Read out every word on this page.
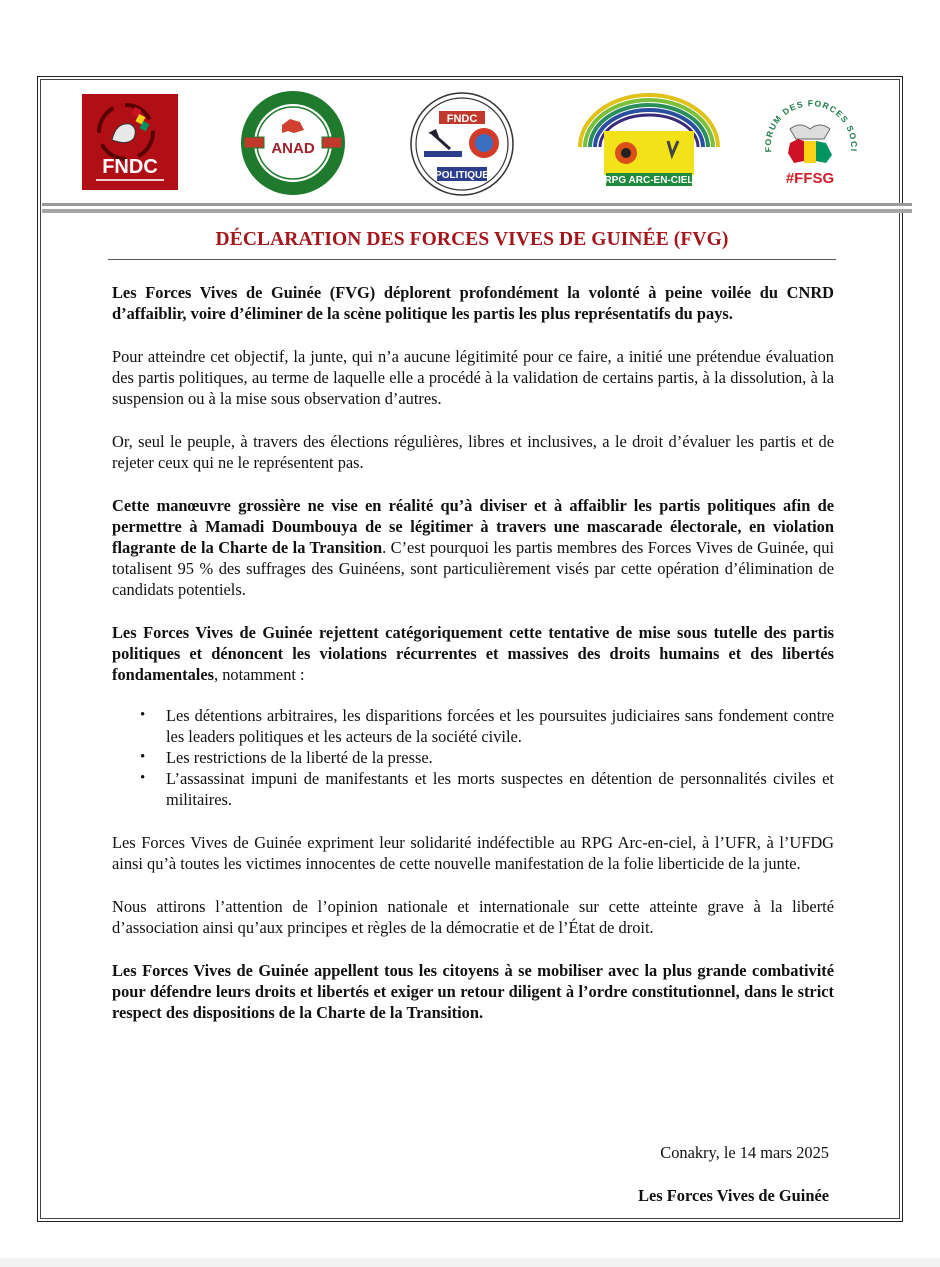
FNDC
ANAD
FNDC
POLITIQUE	RPG ARC-EN-CIEL
FORUM DES FORCES SOCI
#FFSG
DÉCLARATION DES FORCES VIVES DE GUINÉE (FVG)

Les Forces Vives de Guinée (FVG) déplorent profondément la volonté à peine voilée du CNRD d’affaiblir, voire d’éliminer de la scène politique les partis les plus représentatifs du pays.

Pour atteindre cet objectif, la junte, qui n’a aucune légitimité pour ce faire, a initié une prétendue évaluation des partis politiques, au terme de laquelle elle a procédé à la validation de certains partis, à la dissolution, à la suspension ou à la mise sous observation d’autres.

Or, seul le peuple, à travers des élections régulières, libres et inclusives, a le droit d’évaluer les partis et de rejeter ceux qui ne le représentent pas.

Cette manœuvre grossière ne vise en réalité qu’à diviser et à affaiblir les partis politiques afin de permettre à Mamadi Doumbouya de se légitimer à travers une mascarade électorale, en violation flagrante de la Charte de la Transition. C’est pourquoi les partis membres des Forces Vives de Guinée, qui totalisent 95 % des suffrages des Guinéens, sont particulièrement visés par cette opération d’élimination de candidats potentiels.

Les Forces Vives de Guinée rejettent catégoriquement cette tentative de mise sous tutelle des partis politiques et dénoncent les violations récurrentes et massives des droits humains et des libertés fondamentales, notamment :

• Les détentions arbitraires, les disparitions forcées et les poursuites judiciaires sans fondement contre les leaders politiques et les acteurs de la société civile.
• Les restrictions de la liberté de la presse.
• L’assassinat impuni de manifestants et les morts suspectes en détention de personnalités civiles et militaires.

Les Forces Vives de Guinée expriment leur solidarité indéfectible au RPG Arc-en-ciel, à l’UFR, à l’UFDG ainsi qu’à toutes les victimes innocentes de cette nouvelle manifestation de la folie liberticide de la junte.

Nous attirons l’attention de l’opinion nationale et internationale sur cette atteinte grave à la liberté d’association ainsi qu’aux principes et règles de la démocratie et de l’État de droit.

Les Forces Vives de Guinée appellent tous les citoyens à se mobiliser avec la plus grande combativité pour défendre leurs droits et libertés et exiger un retour diligent à l’ordre constitutionnel, dans le strict respect des dispositions de la Charte de la Transition.

Conakry, le 14 mars 2025
Les Forces Vives de Guinée
